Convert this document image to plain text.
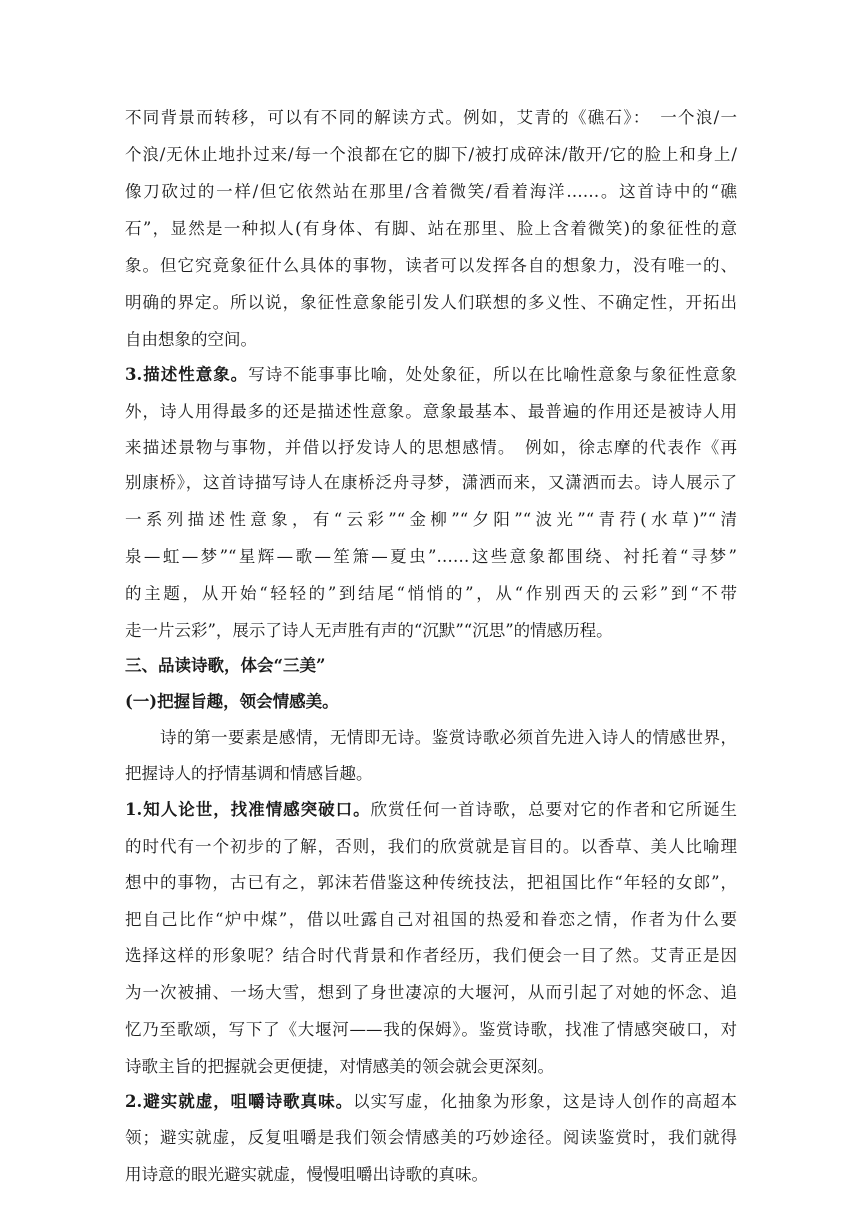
不同背景而转移，可以有不同的解读方式。例如，艾青的《礁石》：　一个浪/一
个浪/无休止地扑过来/每一个浪都在它的脚下/被打成碎沫/散开/它的脸上和身上/
像刀砍过的一样/但它依然站在那里/含着微笑/看着海洋……。这首诗中的“礁
石”，显然是一种拟人(有身体、有脚、站在那里、脸上含着微笑)的象征性的意
象。但它究竟象征什么具体的事物，读者可以发挥各自的想象力，没有唯一的、
明确的界定。所以说，象征性意象能引发人们联想的多义性、不确定性，开拓出
自由想象的空间。
3.描述性意象。写诗不能事事比喻，处处象征，所以在比喻性意象与象征性意象
外，诗人用得最多的还是描述性意象。意象最基本、最普遍的作用还是被诗人用
来描述景物与事物，并借以抒发诗人的思想感情。　例如，徐志摩的代表作《再
别康桥》，这首诗描写诗人在康桥泛舟寻梦，潇洒而来，又潇洒而去。诗人展示了
一系列描述性意象，有“云彩”“金柳”“夕阳”“波光”“青荇(水草)”“清
泉—虹—梦”“星辉—歌—笙箫—夏虫”……这些意象都围绕、衬托着“寻梦”
的主题，从开始“轻轻的”到结尾“悄悄的”，从“作别西天的云彩”到“不带
走一片云彩”，展示了诗人无声胜有声的“沉默”“沉思”的情感历程。
三、品读诗歌，体会“三美”
(一)把握旨趣，领会情感美。
诗的第一要素是感情，无情即无诗。鉴赏诗歌必须首先进入诗人的情感世界，
把握诗人的抒情基调和情感旨趣。
1.知人论世，找准情感突破口。欣赏任何一首诗歌，总要对它的作者和它所诞生
的时代有一个初步的了解，否则，我们的欣赏就是盲目的。以香草、美人比喻理
想中的事物，古已有之，郭沫若借鉴这种传统技法，把祖国比作“年轻的女郎”，
把自己比作“炉中煤”，借以吐露自己对祖国的热爱和眷恋之情，作者为什么要
选择这样的形象呢？结合时代背景和作者经历，我们便会一目了然。艾青正是因
为一次被捕、一场大雪，想到了身世凄凉的大堰河，从而引起了对她的怀念、追
忆乃至歌颂，写下了《大堰河——我的保姆》。鉴赏诗歌，找准了情感突破口，对
诗歌主旨的把握就会更便捷，对情感美的领会就会更深刻。
2.避实就虚，咀嚼诗歌真味。以实写虚，化抽象为形象，这是诗人创作的高超本
领；避实就虚，反复咀嚼是我们领会情感美的巧妙途径。阅读鉴赏时，我们就得
用诗意的眼光避实就虚，慢慢咀嚼出诗歌的真味。
